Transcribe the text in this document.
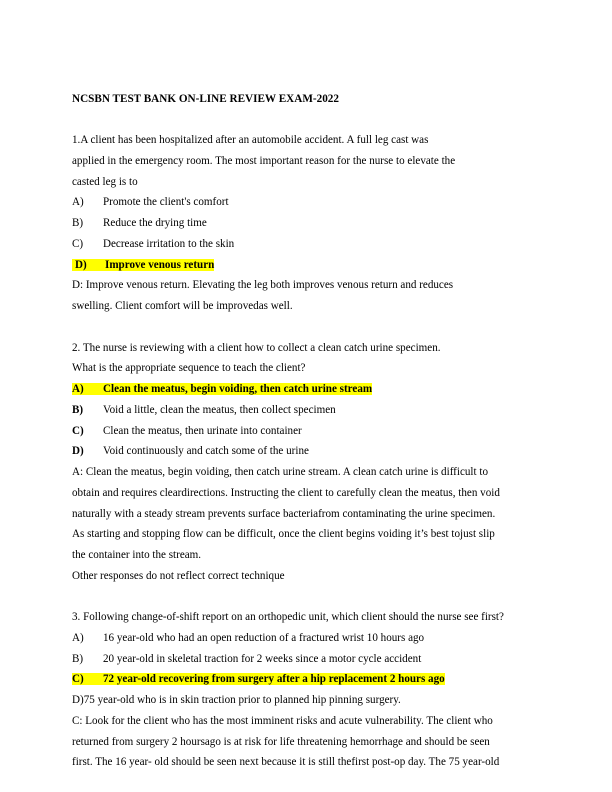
NCSBN TEST BANK ON-LINE REVIEW EXAM-2022
1.A client has been hospitalized after an automobile accident. A full leg cast was
applied in the emergency room. The most important reason for the nurse to elevate the
casted leg is to
A) Promote the client's comfort
B) Reduce the drying time
C) Decrease irritation to the skin
D) Improve venous return
D: Improve venous return. Elevating the leg both improves venous return and reduces
swelling. Client comfort will be improvedas well.
2. The nurse is reviewing with a client how to collect a clean catch urine specimen.
What is the appropriate sequence to teach the client?
A) Clean the meatus, begin voiding, then catch urine stream
B) Void a little, clean the meatus, then collect specimen
C) Clean the meatus, then urinate into container
D) Void continuously and catch some of the urine
A: Clean the meatus, begin voiding, then catch urine stream. A clean catch urine is difficult to
obtain and requires cleardirections. Instructing the client to carefully clean the meatus, then void
naturally with a steady stream prevents surface bacteriafrom contaminating the urine specimen.
As starting and stopping flow can be difficult, once the client begins voiding it’s best tojust slip
the container into the stream.
Other responses do not reflect correct technique
3. Following change-of-shift report on an orthopedic unit, which client should the nurse see first?
A) 16 year-old who had an open reduction of a fractured wrist 10 hours ago
B) 20 year-old in skeletal traction for 2 weeks since a motor cycle accident
C) 72 year-old recovering from surgery after a hip replacement 2 hours ago
D)75 year-old who is in skin traction prior to planned hip pinning surgery.
C: Look for the client who has the most imminent risks and acute vulnerability. The client who
returned from surgery 2 hoursago is at risk for life threatening hemorrhage and should be seen
first. The 16 year- old should be seen next because it is still thefirst post-op day. The 75 year-old
